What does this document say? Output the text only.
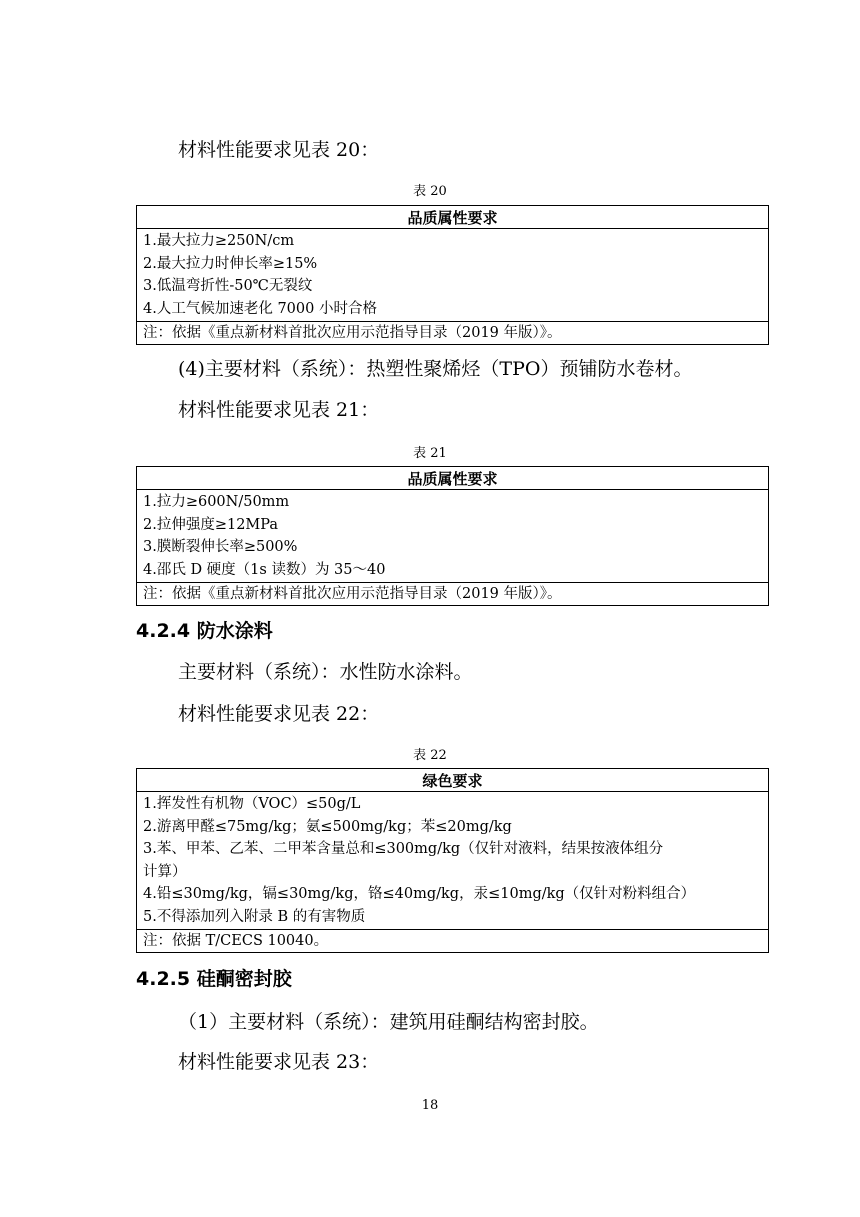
材料性能要求见表 20：
表 20
品质属性要求

1.最大拉力≥250N/cm
2.最大拉力时伸长率≥15%
3.低温弯折性-50℃无裂纹
4.人工气候加速老化 7000 小时合格

注：依据《重点新材料首批次应用示范指导目录（2019 年版）》。
(4)主要材料（系统）：热塑性聚烯烃（TPO）预铺防水卷材。
材料性能要求见表 21：
表 21
品质属性要求

1.拉力≥600N/50mm
2.拉伸强度≥12MPa
3.膜断裂伸长率≥500%
4.邵氏 D 硬度（1s 读数）为 35～40

注：依据《重点新材料首批次应用示范指导目录（2019 年版）》。
4.2.4 防水涂料
主要材料（系统）：水性防水涂料。
材料性能要求见表 22：
表 22
绿色要求

1.挥发性有机物（VOC）≤50g/L
2.游离甲醛≤75mg/kg；氨≤500mg/kg；苯≤20mg/kg
3.苯、甲苯、乙苯、二甲苯含量总和≤300mg/kg（仅针对液料，结果按液体组分
计算）
4.铅≤30mg/kg，镉≤30mg/kg，铬≤40mg/kg，汞≤10mg/kg（仅针对粉料组合）
5.不得添加列入附录 B 的有害物质

注：依据 T/CECS 10040。
4.2.5 硅酮密封胶
（1）主要材料（系统）：建筑用硅酮结构密封胶。
材料性能要求见表 23：
18
